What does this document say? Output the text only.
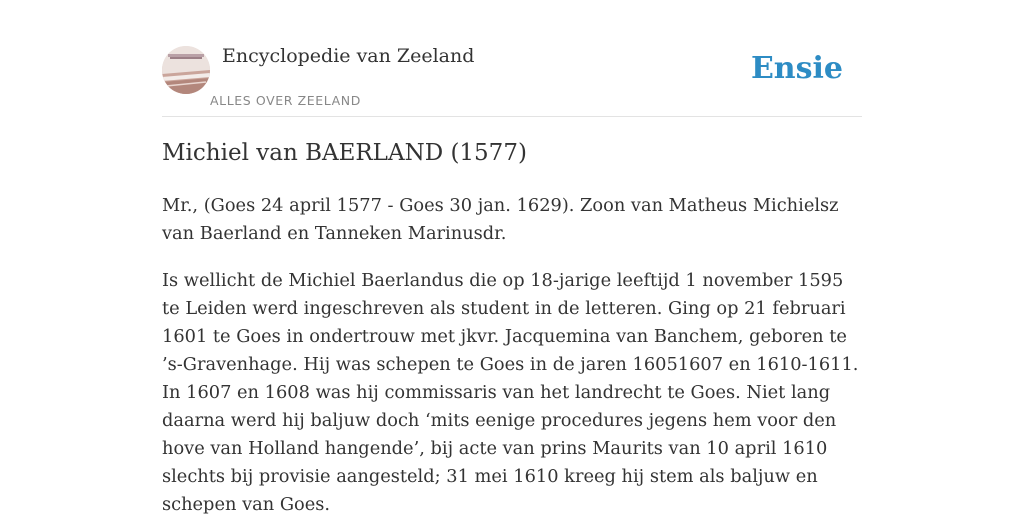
Encyclopedie van Zeeland
ALLES OVER ZEELAND
Ensie
Michiel van BAERLAND (1577)

Mr., (Goes 24 april 1577 - Goes 30 jan. 1629). Zoon van Matheus Michielsz van Baerland en Tanneken Marinusdr.

Is wellicht de Michiel Baerlandus die op 18-jarige leeftijd 1 november 1595 te Leiden werd ingeschreven als student in de letteren. Ging op 21 februari 1601 te Goes in ondertrouw met jkvr. Jacquemina van Banchem, geboren te ’s-Gravenhage. Hij was schepen te Goes in de jaren 16051607 en 1610-1611. In 1607 en 1608 was hij commissaris van het landrecht te Goes. Niet lang daarna werd hij baljuw doch ‘mits eenige procedures jegens hem voor den hove van Holland hangende’, bij acte van prins Maurits van 10 april 1610 slechts bij provisie aangesteld; 31 mei 1610 kreeg hij stem als baljuw en schepen van Goes.
